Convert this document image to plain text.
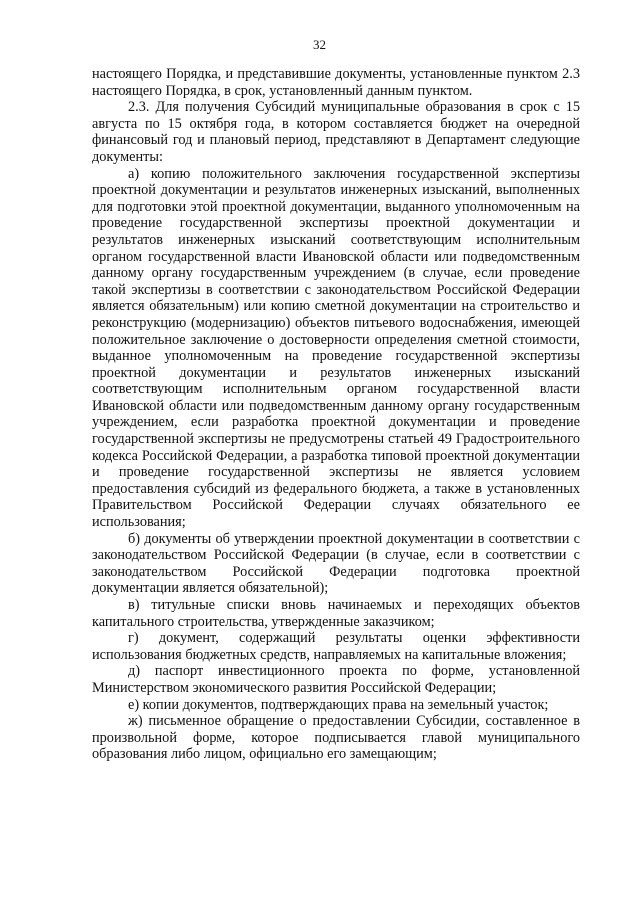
32

настоящего Порядка, и представившие документы, установленные пунктом 2.3 настоящего Порядка, в срок, установленный данным пунктом.

2.3. Для получения Субсидий муниципальные образования в срок с 15 августа по 15 октября года, в котором составляется бюджет на очередной финансовый год и плановый период, представляют в Департамент следующие документы:

а) копию положительного заключения государственной экспертизы проектной документации и результатов инженерных изысканий, выполненных для подготовки этой проектной документации, выданного уполномоченным на проведение государственной экспертизы проектной документации и результатов инженерных изысканий соответствующим исполнительным органом государственной власти Ивановской области или подведомственным данному органу государственным учреждением (в случае, если проведение такой экспертизы в соответствии с законодательством Российской Федерации является обязательным) или копию сметной документации на строительство и реконструкцию (модернизацию) объектов питьевого водоснабжения, имеющей положительное заключение о достоверности определения сметной стоимости, выданное уполномоченным на проведение государственной экспертизы проектной документации и результатов инженерных изысканий соответствующим исполнительным органом государственной власти Ивановской области или подведомственным данному органу государственным учреждением, если разработка проектной документации и проведение государственной экспертизы не предусмотрены статьей 49 Градостроительного кодекса Российской Федерации, а разработка типовой проектной документации и проведение государственной экспертизы не является условием предоставления субсидий из федерального бюджета, а также в установленных Правительством Российской Федерации случаях обязательного ее использования;

б) документы об утверждении проектной документации в соответствии с законодательством Российской Федерации (в случае, если в соответствии с законодательством Российской Федерации подготовка проектной документации является обязательной);

в) титульные списки вновь начинаемых и переходящих объектов капитального строительства, утвержденные заказчиком;

г) документ, содержащий результаты оценки эффективности использования бюджетных средств, направляемых на капитальные вложения;

д) паспорт инвестиционного проекта по форме, установленной Министерством экономического развития Российской Федерации;

е) копии документов, подтверждающих права на земельный участок;

ж) письменное обращение о предоставлении Субсидии, составленное в произвольной форме, которое подписывается главой муниципального образования либо лицом, официально его замещающим;
